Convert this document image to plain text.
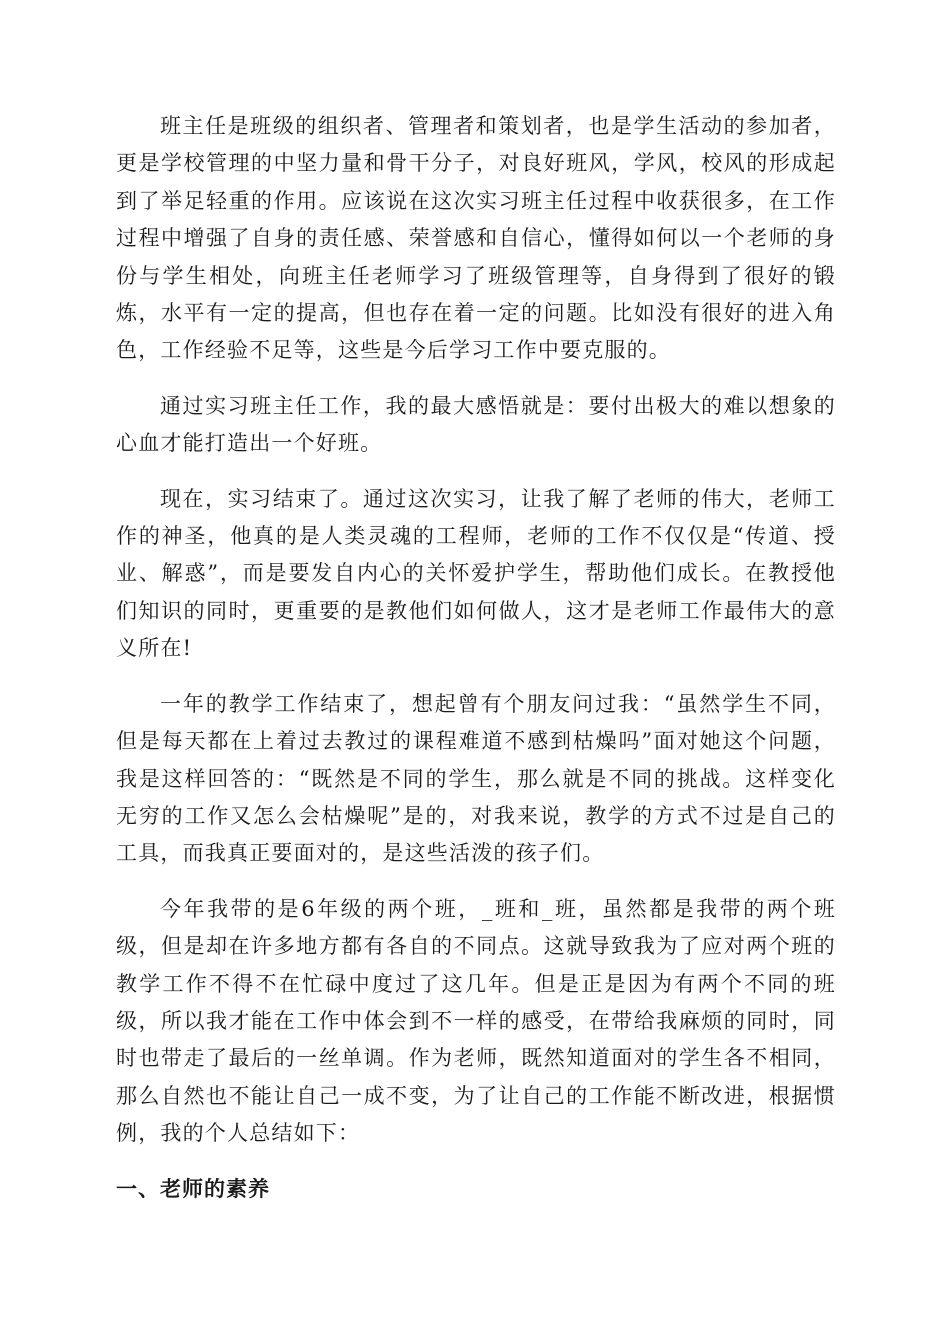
班主任是班级的组织者、管理者和策划者，也是学生活动的参加者，更是学校管理的中坚力量和骨干分子，对良好班风，学风，校风的形成起到了举足轻重的作用。应该说在这次实习班主任过程中收获很多，在工作过程中增强了自身的责任感、荣誉感和自信心，懂得如何以一个老师的身份与学生相处，向班主任老师学习了班级管理等，自身得到了很好的锻炼，水平有一定的提高，但也存在着一定的问题。比如没有很好的进入角色，工作经验不足等，这些是今后学习工作中要克服的。

通过实习班主任工作，我的最大感悟就是：要付出极大的难以想象的心血才能打造出一个好班。

现在，实习结束了。通过这次实习，让我了解了老师的伟大，老师工作的神圣，他真的是人类灵魂的工程师，老师的工作不仅仅是“传道、授业、解惑”，而是要发自内心的关怀爱护学生，帮助他们成长。在教授他们知识的同时，更重要的是教他们如何做人，这才是老师工作最伟大的意义所在!

一年的教学工作结束了，想起曾有个朋友问过我：“虽然学生不同，但是每天都在上着过去教过的课程难道不感到枯燥吗”面对她这个问题，我是这样回答的：“既然是不同的学生，那么就是不同的挑战。这样变化无穷的工作又怎么会枯燥呢”是的，对我来说，教学的方式不过是自己的工具，而我真正要面对的，是这些活泼的孩子们。

今年我带的是6年级的两个班，_班和_班，虽然都是我带的两个班级，但是却在许多地方都有各自的不同点。这就导致我为了应对两个班的教学工作不得不在忙碌中度过了这几年。但是正是因为有两个不同的班级，所以我才能在工作中体会到不一样的感受，在带给我麻烦的同时，同时也带走了最后的一丝单调。作为老师，既然知道面对的学生各不相同，那么自然也不能让自己一成不变，为了让自己的工作能不断改进，根据惯例，我的个人总结如下：

一、老师的素养
